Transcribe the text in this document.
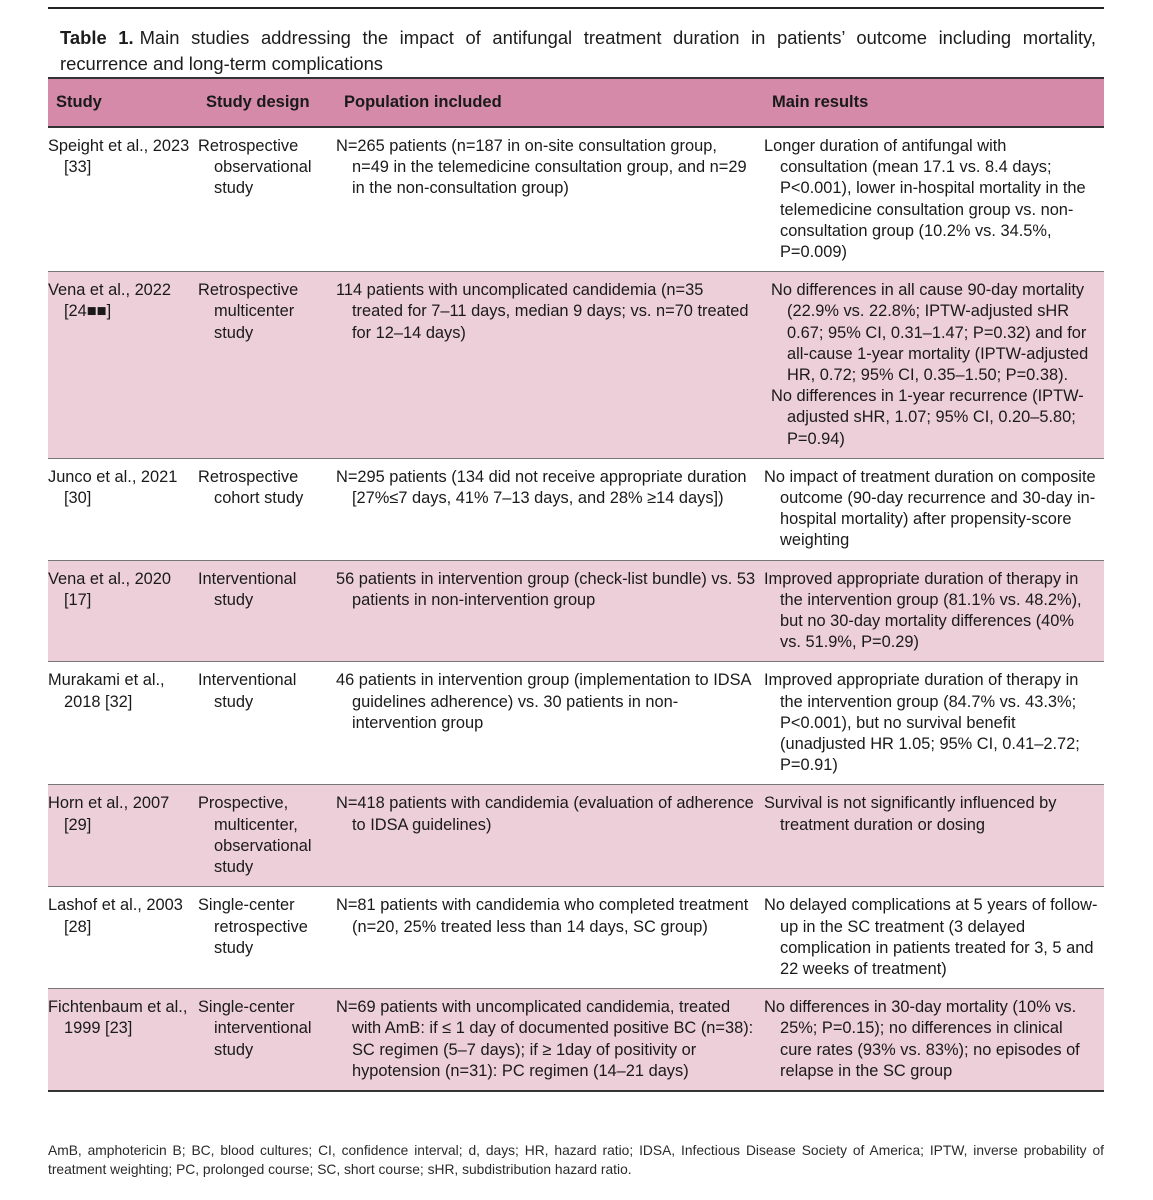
Table 1. Main studies addressing the impact of antifungal treatment duration in patients’ outcome including mortality, recurrence and long-term complications
Study	Study design	Population included	Main results
Speight et al., 2023 [33]	Retrospective observational study	N=265 patients (n=187 in on-site consultation group, n=49 in the telemedicine consultation group, and n=29 in the non-consultation group)	Longer duration of antifungal with consultation (mean 17.1 vs. 8.4 days; P<0.001), lower in-hospital mortality in the telemedicine consultation group vs. non-consultation group (10.2% vs. 34.5%, P=0.009)
Vena et al., 2022 [24■■]	Retrospective multicenter study	114 patients with uncomplicated candidemia (n=35 treated for 7–11 days, median 9 days; vs. n=70 treated for 12–14 days)	No differences in all cause 90-day mortality (22.9% vs. 22.8%; IPTW-adjusted sHR 0.67; 95% CI, 0.31–1.47; P=0.32) and for all-cause 1-year mortality (IPTW-adjusted HR, 0.72; 95% CI, 0.35–1.50; P=0.38).
No differences in 1-year recurrence (IPTW-adjusted sHR, 1.07; 95% CI, 0.20–5.80; P=0.94)

Junco et al., 2021 [30]	Retrospective cohort study	N=295 patients (134 did not receive appropriate duration [27%≤7 days, 41% 7–13 days, and 28% ≥14 days])	No impact of treatment duration on composite outcome (90-day recurrence and 30-day in-hospital mortality) after propensity-score weighting
Vena et al., 2020 [17]	Interventional study	56 patients in intervention group (check-list bundle) vs. 53 patients in non-intervention group	Improved appropriate duration of therapy in the intervention group (81.1% vs. 48.2%), but no 30-day mortality differences (40% vs. 51.9%, P=0.29)
Murakami et al., 2018 [32]	Interventional study	46 patients in intervention group (implementation to IDSA guidelines adherence) vs. 30 patients in non-intervention group	Improved appropriate duration of therapy in the intervention group (84.7% vs. 43.3%; P<0.001), but no survival benefit (unadjusted HR 1.05; 95% CI, 0.41–2.72; P=0.91)
Horn et al., 2007 [29]	Prospective, multicenter, observational study	N=418 patients with candidemia (evaluation of adherence to IDSA guidelines)	Survival is not significantly influenced by treatment duration or dosing
Lashof et al., 2003 [28]	Single-center retrospective study	N=81 patients with candidemia who completed treatment (n=20, 25% treated less than 14 days, SC group)	No delayed complications at 5 years of follow-up in the SC treatment (3 delayed complication in patients treated for 3, 5 and 22 weeks of treatment)
Fichtenbaum et al., 1999 [23]	Single-center interventional study	N=69 patients with uncomplicated candidemia, treated with AmB: if ≤ 1 day of documented positive BC (n=38): SC regimen (5–7 days); if ≥ 1day of positivity or hypotension (n=31): PC regimen (14–21 days)	No differences in 30-day mortality (10% vs. 25%; P=0.15); no differences in clinical cure rates (93% vs. 83%); no episodes of relapse in the SC group
AmB, amphotericin B; BC, blood cultures; CI, confidence interval; d, days; HR, hazard ratio; IDSA, Infectious Disease Society of America; IPTW, inverse probability of treatment weighting; PC, prolonged course; SC, short course; sHR, subdistribution hazard ratio.
